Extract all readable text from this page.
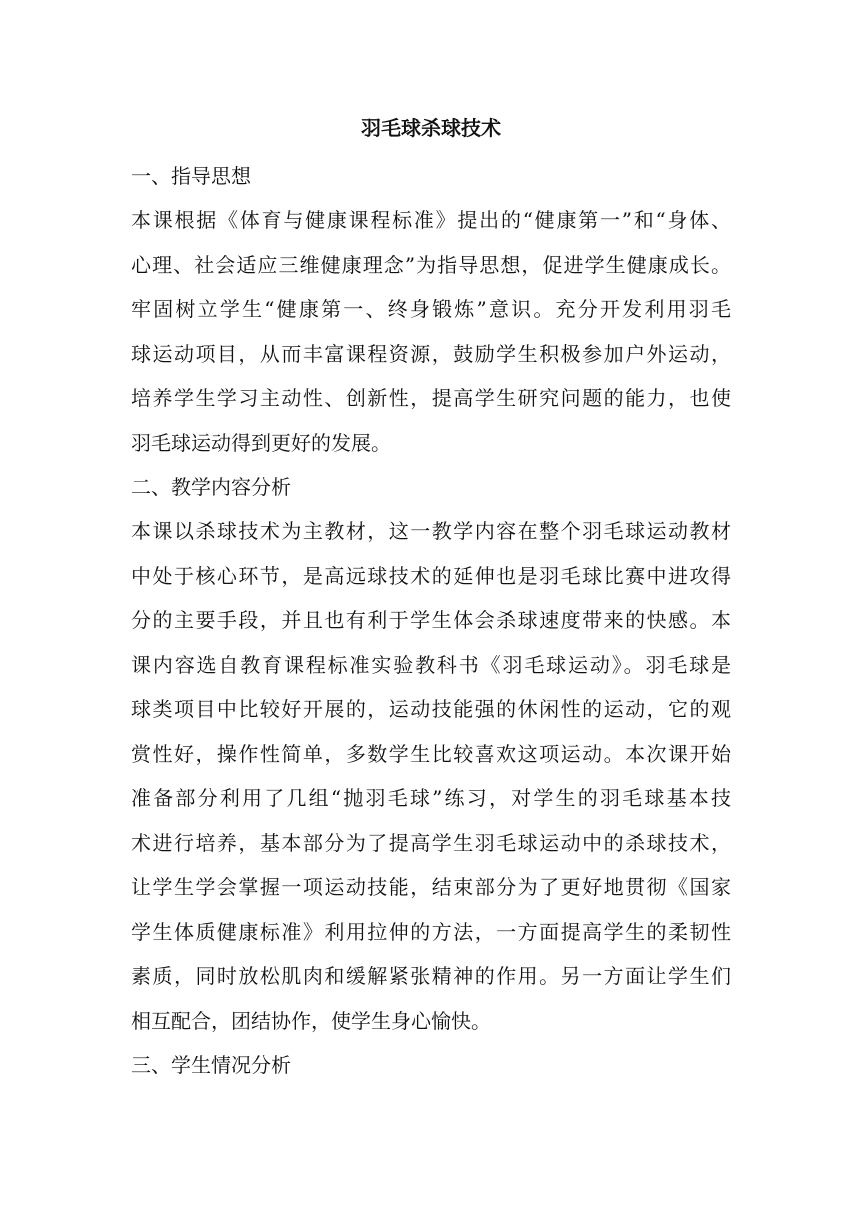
羽毛球杀球技术
一、指导思想
本课根据《体育与健康课程标准》提出的“健康第一”和“身体、
心理、社会适应三维健康理念”为指导思想，促进学生健康成长。
牢固树立学生“健康第一、终身锻炼”意识。充分开发利用羽毛
球运动项目，从而丰富课程资源，鼓励学生积极参加户外运动，
培养学生学习主动性、创新性，提高学生研究问题的能力，也使
羽毛球运动得到更好的发展。
二、教学内容分析
本课以杀球技术为主教材，这一教学内容在整个羽毛球运动教材
中处于核心环节，是高远球技术的延伸也是羽毛球比赛中进攻得
分的主要手段，并且也有利于学生体会杀球速度带来的快感。本
课内容选自教育课程标准实验教科书《羽毛球运动》。羽毛球是
球类项目中比较好开展的，运动技能强的休闲性的运动，它的观
赏性好，操作性简单，多数学生比较喜欢这项运动。本次课开始
准备部分利用了几组“抛羽毛球”练习，对学生的羽毛球基本技
术进行培养，基本部分为了提高学生羽毛球运动中的杀球技术，
让学生学会掌握一项运动技能，结束部分为了更好地贯彻《国家
学生体质健康标准》利用拉伸的方法，一方面提高学生的柔韧性
素质，同时放松肌肉和缓解紧张精神的作用。另一方面让学生们
相互配合，团结协作，使学生身心愉快。
三、学生情况分析
